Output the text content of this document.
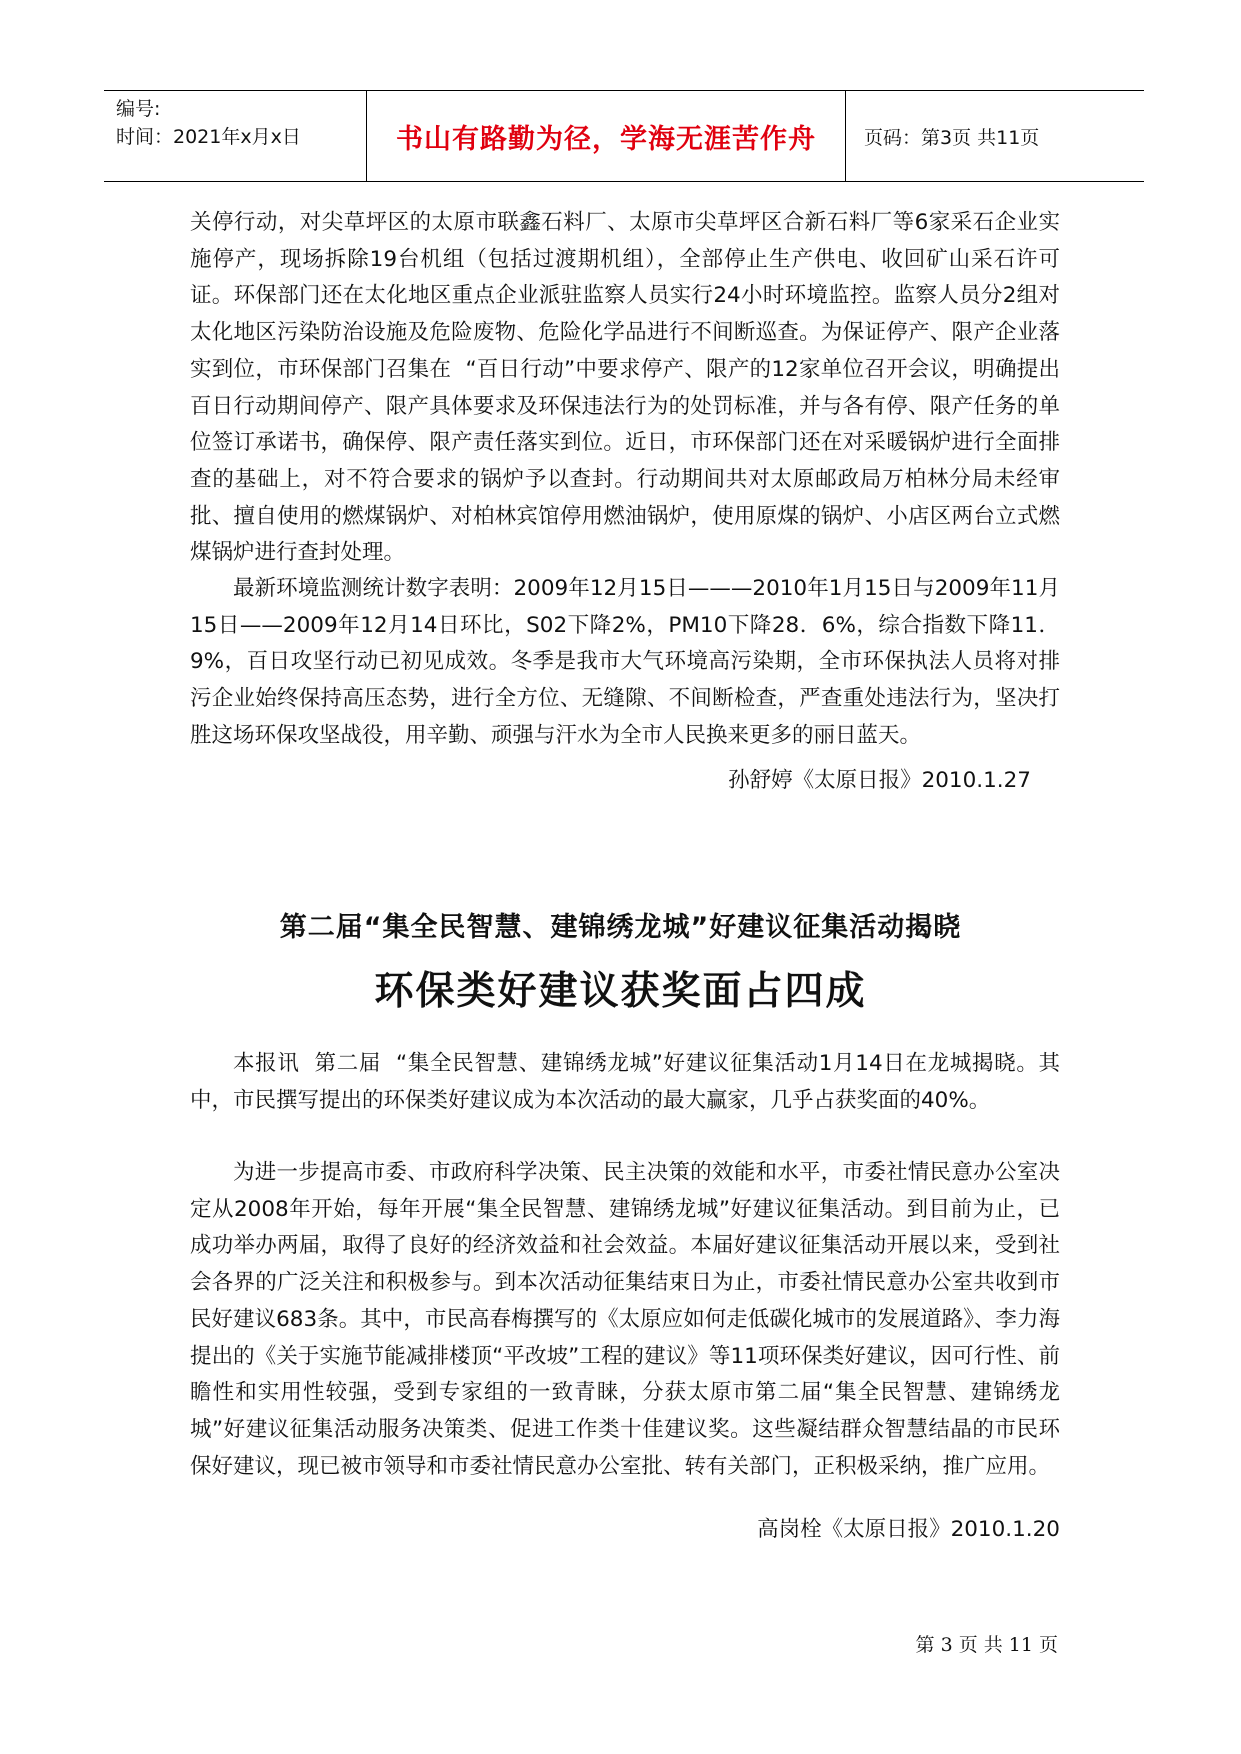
编号:
时间：2021年x月x日	书山有路勤为径，学海无涯苦作舟	页码：第3页 共11页

关停行动，对尖草坪区的太原市联鑫石料厂、太原市尖草坪区合新石料厂等6家采石企业实施停产，现场拆除19台机组（包括过渡期机组），全部停止生产供电、收回矿山采石许可证。环保部门还在太化地区重点企业派驻监察人员实行24小时环境监控。监察人员分2组对太化地区污染防治设施及危险废物、危险化学品进行不间断巡查。为保证停产、限产企业落实到位，市环保部门召集在  “百日行动”中要求停产、限产的12家单位召开会议，明确提出百日行动期间停产、限产具体要求及环保违法行为的处罚标准，并与各有停、限产任务的单位签订承诺书，确保停、限产责任落实到位。近日，市环保部门还在对采暖锅炉进行全面排查的基础上，对不符合要求的锅炉予以查封。行动期间共对太原邮政局万柏林分局未经审批、擅自使用的燃煤锅炉、对柏林宾馆停用燃油锅炉，使用原煤的锅炉、小店区两台立式燃煤锅炉进行查封处理。

最新环境监测统计数字表明：2009年12月15日———2010年1月15日与2009年11月15日——2009年12月14日环比，S02下降2%，PM10下降28．6%，综合指数下降11．9%，百日攻坚行动已初见成效。冬季是我市大气环境高污染期，全市环保执法人员将对排污企业始终保持高压态势，进行全方位、无缝隙、不间断检查，严查重处违法行为，坚决打胜这场环保攻坚战役，用辛勤、顽强与汗水为全市人民换来更多的丽日蓝天。

孙舒婷《太原日报》2010.1.27
第二届“集全民智慧、建锦绣龙城”好建议征集活动揭晓
环保类好建议获奖面占四成

本报讯  第二届  “集全民智慧、建锦绣龙城”好建议征集活动1月14日在龙城揭晓。其中，市民撰写提出的环保类好建议成为本次活动的最大赢家，几乎占获奖面的40%。

为进一步提高市委、市政府科学决策、民主决策的效能和水平，市委社情民意办公室决定从2008年开始，每年开展“集全民智慧、建锦绣龙城”好建议征集活动。到目前为止，已成功举办两届，取得了良好的经济效益和社会效益。本届好建议征集活动开展以来，受到社会各界的广泛关注和积极参与。到本次活动征集结束日为止，市委社情民意办公室共收到市民好建议683条。其中，市民高春梅撰写的《太原应如何走低碳化城市的发展道路》、李力海提出的《关于实施节能减排楼顶“平改坡”工程的建议》等11项环保类好建议，因可行性、前瞻性和实用性较强，受到专家组的一致青睐，分获太原市第二届“集全民智慧、建锦绣龙城”好建议征集活动服务决策类、促进工作类十佳建议奖。这些凝结群众智慧结晶的市民环保好建议，现已被市领导和市委社情民意办公室批、转有关部门，正积极采纳，推广应用。

高岗栓《太原日报》2010.1.20
第 3 页 共 11 页
